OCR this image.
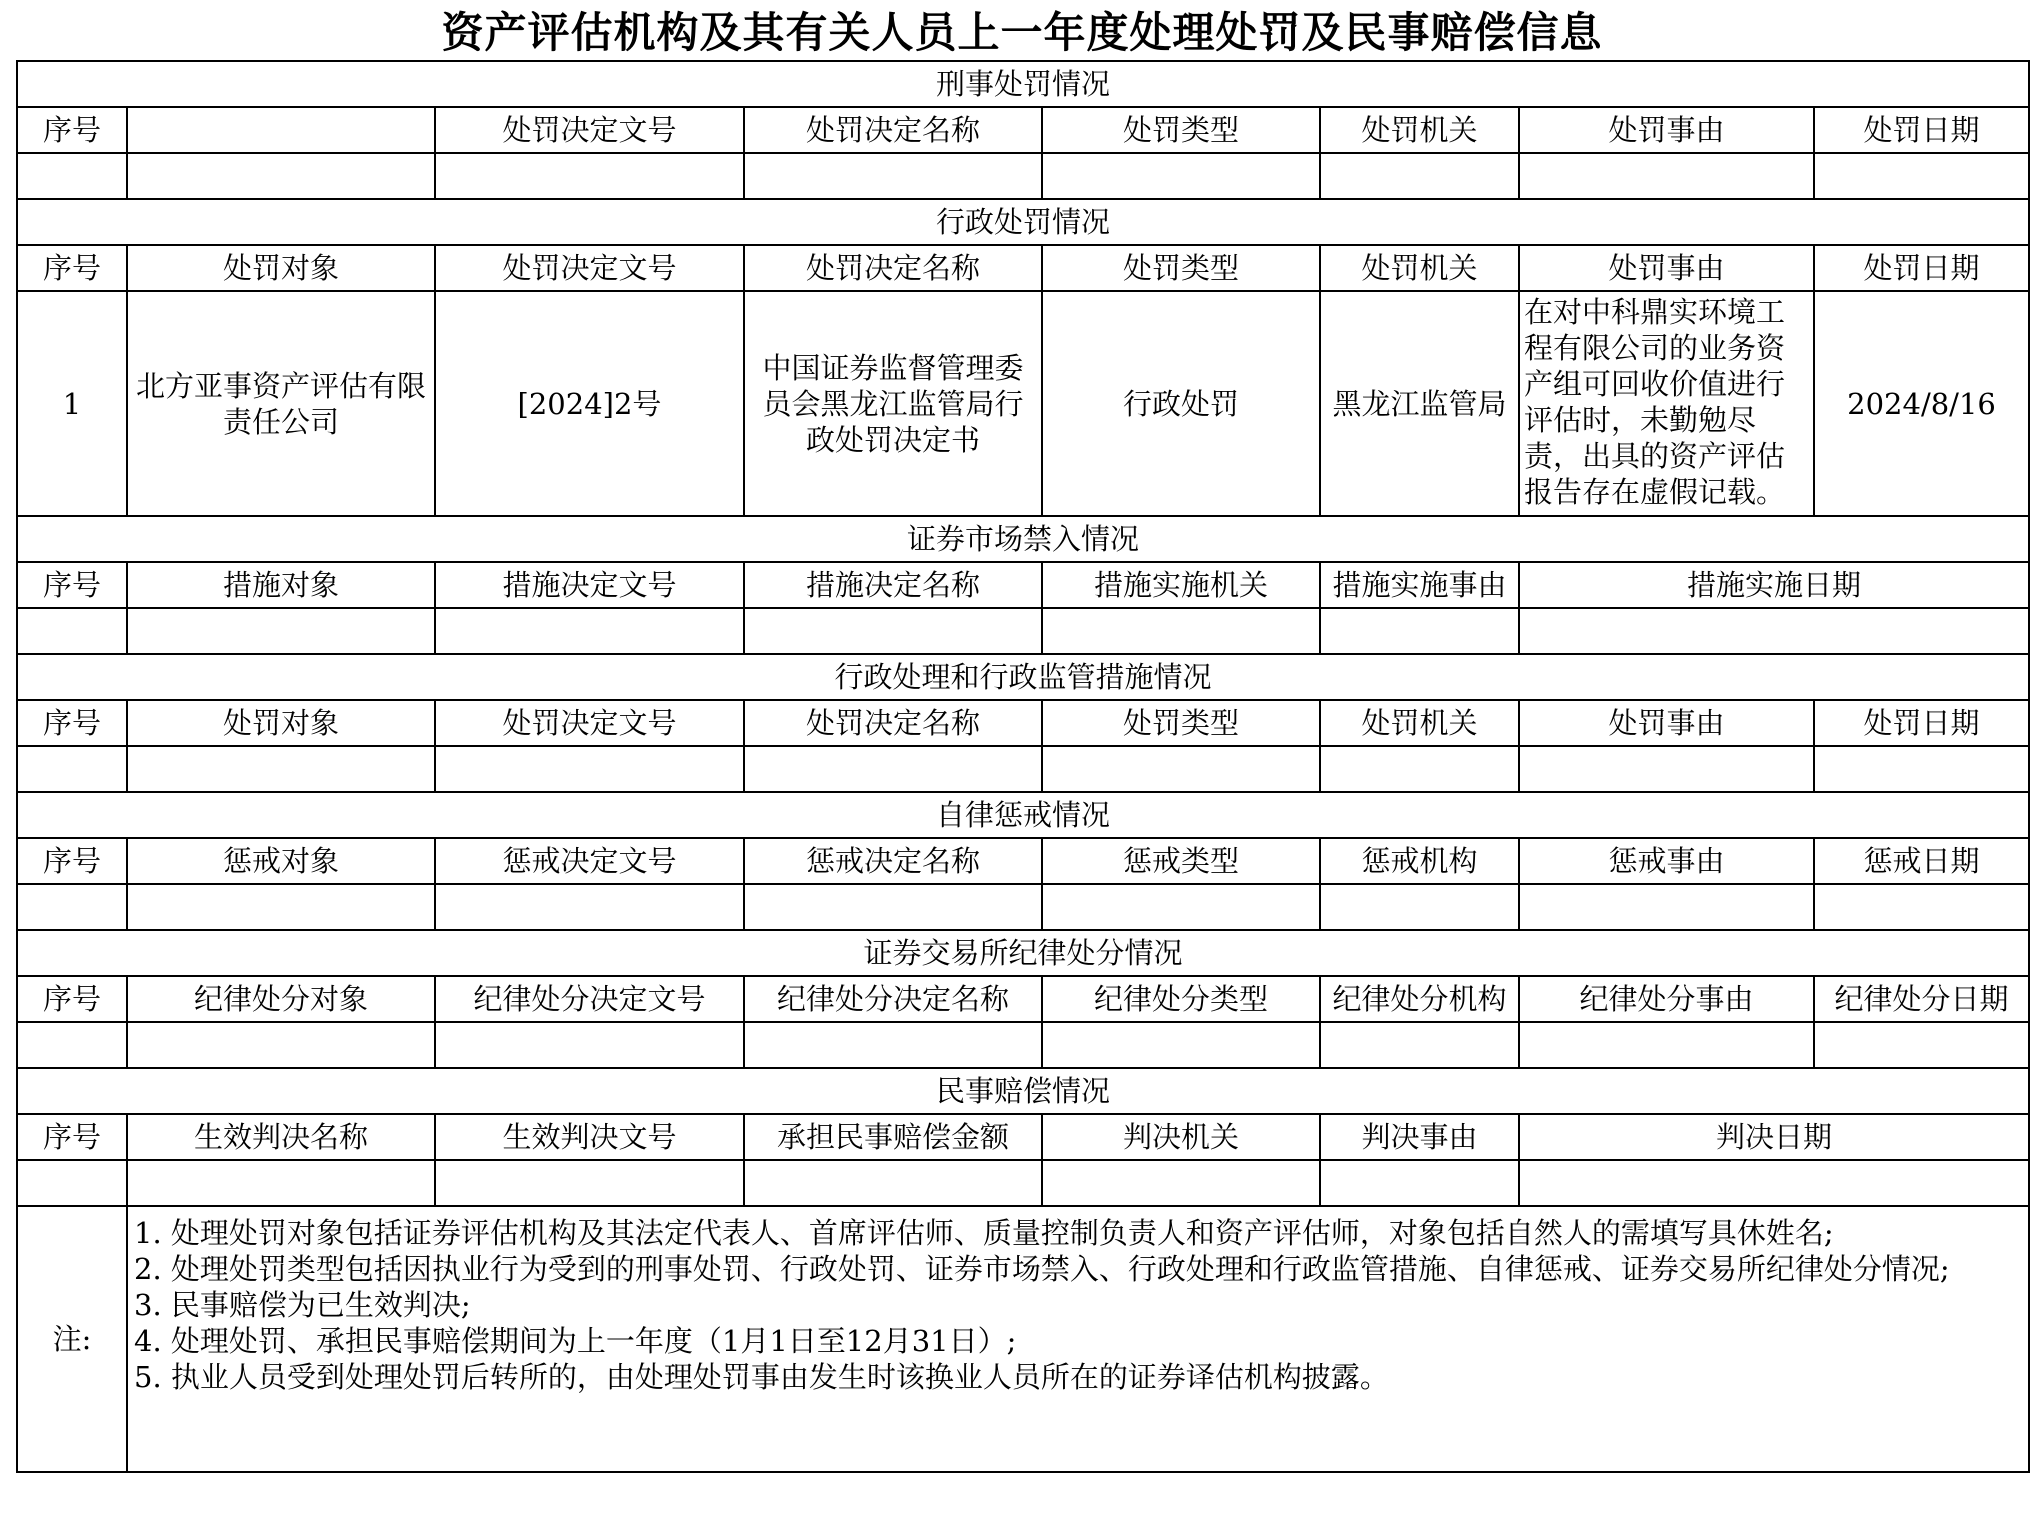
资产评估机构及其有关人员上一年度处理处罚及民事赔偿信息
刑事处罚情况							
序号		处罚决定文号	处罚决定名称	处罚类型	处罚机关	处罚事由	处罚日期

行政处罚情况							
序号	处罚对象	处罚决定文号	处罚决定名称	处罚类型	处罚机关	处罚事由	处罚日期
1	北方亚事资产评估有限责任公司	[2024]2号	中国证券监督管理委员会黑龙江监管局行政处罚决定书	行政处罚	黑龙江监管局	在对中科鼎实环境工程有限公司的业务资产组可回收价值进行评估时，未勤勉尽责，出具的资产评估报告存在虚假记载。	2024/8/16
证券市场禁入情况							
序号	措施对象	措施决定文号	措施决定名称	措施实施机关	措施实施事由	措施实施日期	

行政处理和行政监管措施情况							
序号	处罚对象	处罚决定文号	处罚决定名称	处罚类型	处罚机关	处罚事由	处罚日期

自律惩戒情况							
序号	惩戒对象	惩戒决定文号	惩戒决定名称	惩戒类型	惩戒机构	惩戒事由	惩戒日期

证券交易所纪律处分情况							
序号	纪律处分对象	纪律处分决定文号	纪律处分决定名称	纪律处分类型	纪律处分机构	纪律处分事由	纪律处分日期

民事赔偿情况							
序号	生效判决名称	生效判决文号	承担民事赔偿金额	判决机关	判决事由	判决日期	

注:	1. 处理处罚对象包括证券评估机构及其法定代表人、首席评估师、质量控制负责人和资产评估师，对象包括自然人的需填写具休姓名;
2. 处理处罚类型包括因执业行为受到的刑事处罚、行政处罚、证券市场禁入、行政处理和行政监管措施、自律惩戒、证券交易所纪律处分情况;
3. 民事赔偿为已生效判决;
4. 处理处罚、承担民事赔偿期间为上一年度（1月1日至12月31日）;
5. 执业人员受到处理处罚后转所的，由处理处罚事由发生时该换业人员所在的证券译估机构披露。						
